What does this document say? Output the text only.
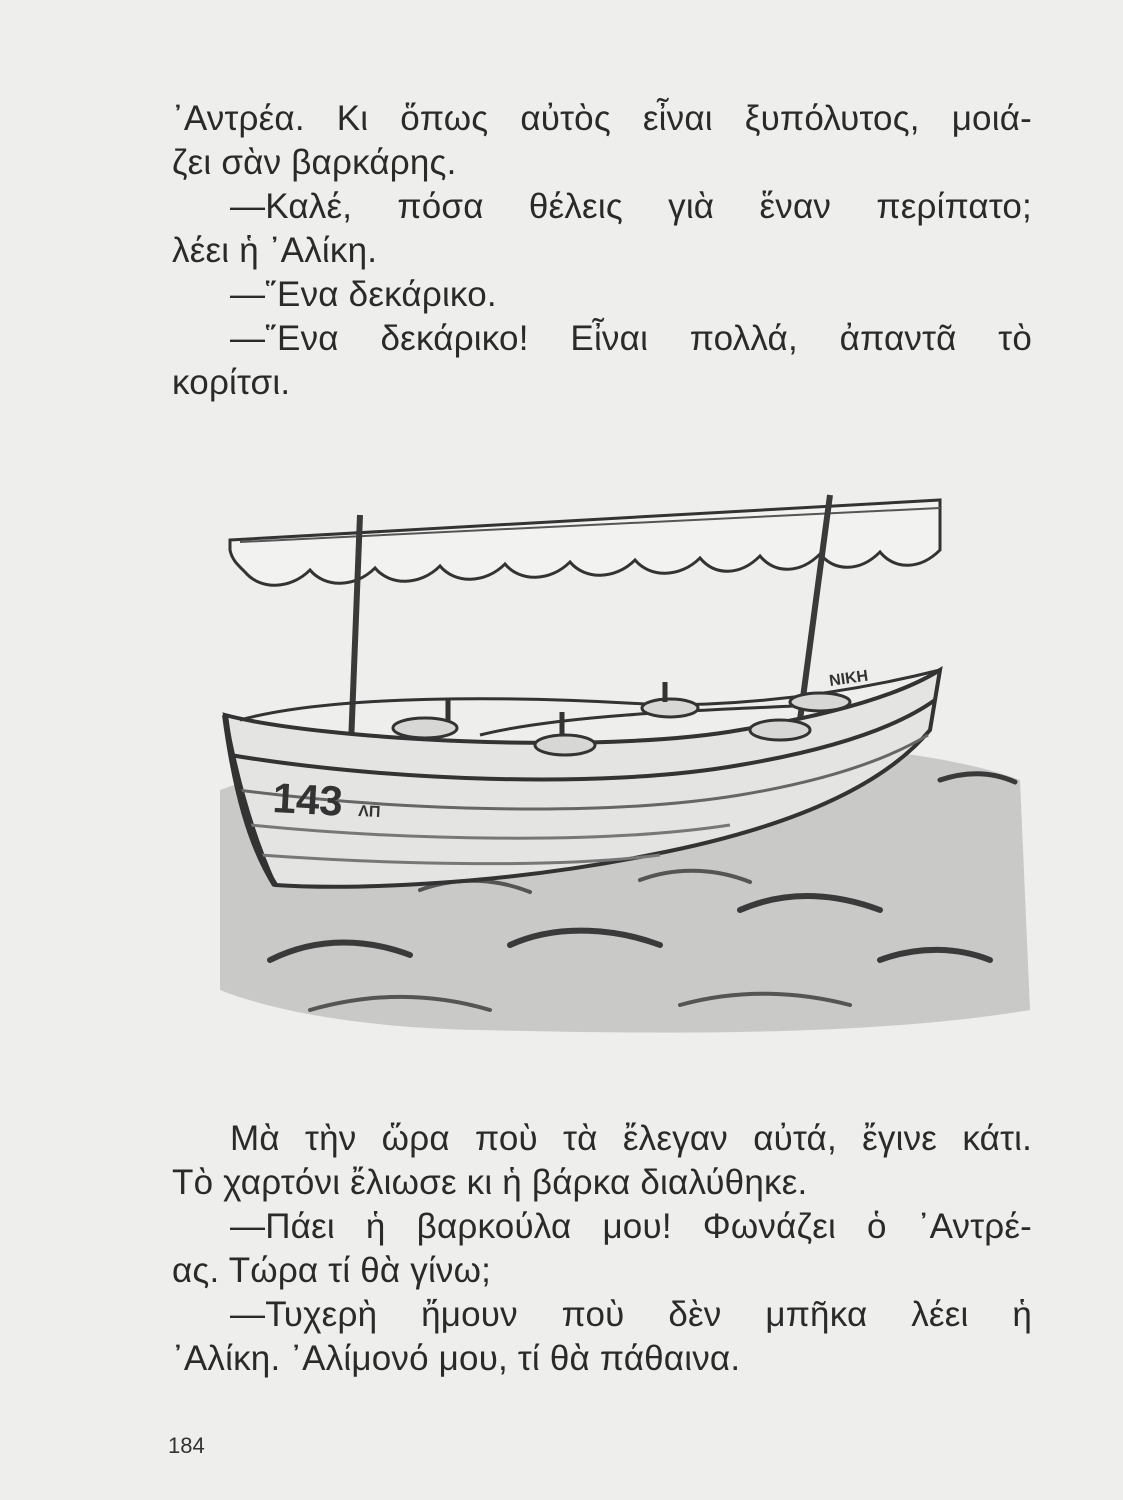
᾿Αντρέα. Κι ὅπως αὐτὸς εἶναι ξυπόλυτος, μοιά-
ζει σὰν βαρκάρης.
—Καλέ, πόσα θέλεις γιὰ ἕναν περίπατο;
λέει ἡ ᾿Αλίκη.
—῞Ενα δεκάρικο.
—῞Ενα δεκάρικο! Εἶναι πολλά, ἀπαντᾶ τὸ
κορίτσι.
143 ΛΠ
ΝΙΚΗ
Μὰ τὴν ὥρα ποὺ τὰ ἔλεγαν αὐτά, ἔγινε κάτι.
Τὸ χαρτόνι ἔλιωσε κι ἡ βάρκα διαλύθηκε.
—Πάει ἡ βαρκούλα μου! Φωνάζει ὁ ᾿Αντρέ-
ας. Τώρα τί θὰ γίνω;
—Τυχερὴ ἤμουν ποὺ δὲν μπῆκα λέει ἡ
᾿Αλίκη. ᾿Αλίμονό μου, τί θὰ πάθαινα.
184
